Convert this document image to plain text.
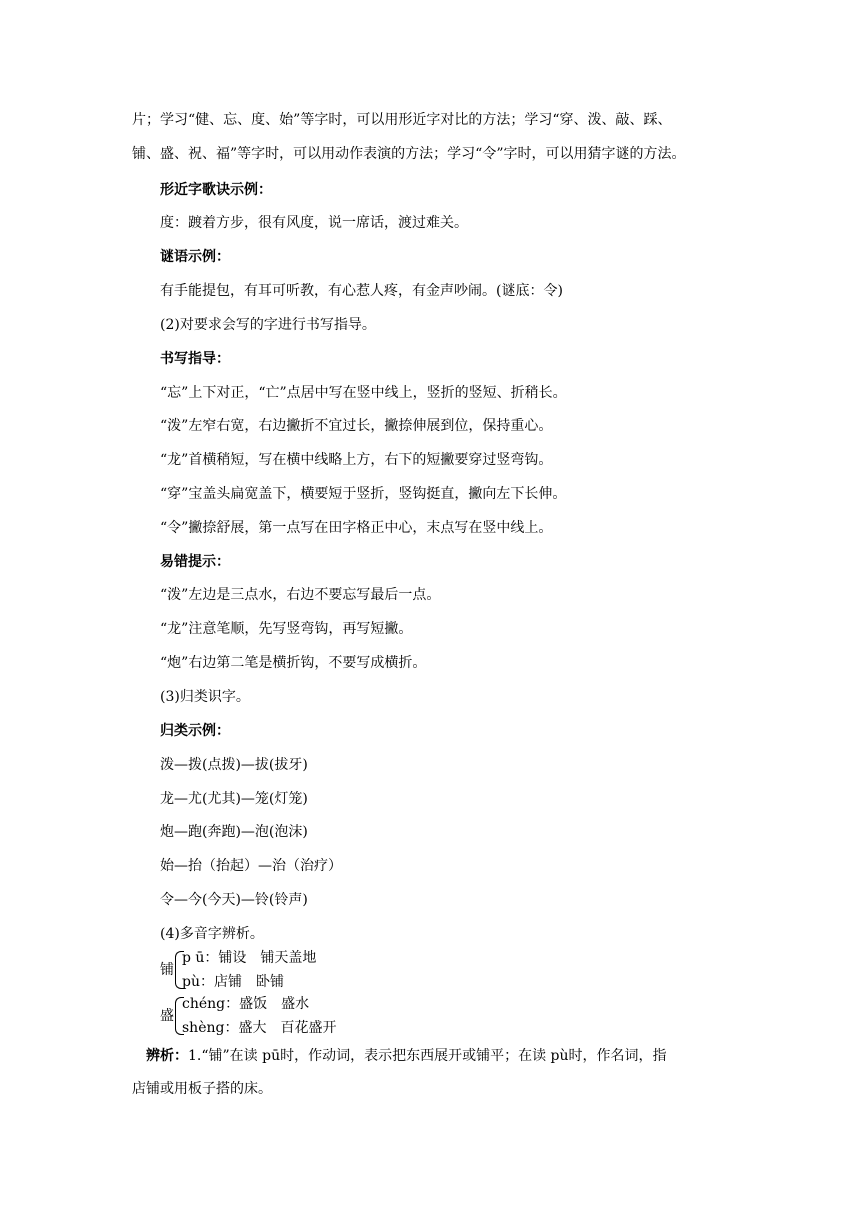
片；学习“健、忘、度、始”等字时，可以用形近字对比的方法；学习“穿、泼、敲、踩、
铺、盛、祝、福”等字时，可以用动作表演的方法；学习“令”字时，可以用猜字谜的方法。
形近字歌诀示例：
度：踱着方步，很有风度，说一席话，渡过难关。
谜语示例：
有手能提包，有耳可听教，有心惹人疼，有金声吵闹。(谜底：令)
(2)对要求会写的字进行书写指导。
书写指导：
“忘”上下对正，“亡”点居中写在竖中线上，竖折的竖短、折稍长。
“泼”左窄右宽，右边撇折不宜过长，撇捺伸展到位，保持重心。
“龙”首横稍短，写在横中线略上方，右下的短撇要穿过竖弯钩。
“穿”宝盖头扁宽盖下，横要短于竖折，竖钩挺直，撇向左下长伸。
“令”撇捺舒展，第一点写在田字格正中心，末点写在竖中线上。
易错提示：
“泼”左边是三点水，右边不要忘写最后一点。
“龙”注意笔顺，先写竖弯钩，再写短撇。
“炮”右边第二笔是横折钩，不要写成横折。
(3)归类识字。
归类示例：
泼—拨(点拨)—拔(拔牙)
龙—尤(尤其)—笼(灯笼)
炮—跑(奔跑)—泡(泡沫)
始—抬（抬起）—治（治疗）
令—今(今天)—铃(铃声)
(4)多音字辨析。
铺
p ū：铺设　铺天盖地
pù：店铺　卧铺
盛
chéng：盛饭　盛水
shèng：盛大　百花盛开
辨析：1.“铺”在读 pū时，作动词，表示把东西展开或铺平；在读 pù时，作名词，指
店铺或用板子搭的床。
